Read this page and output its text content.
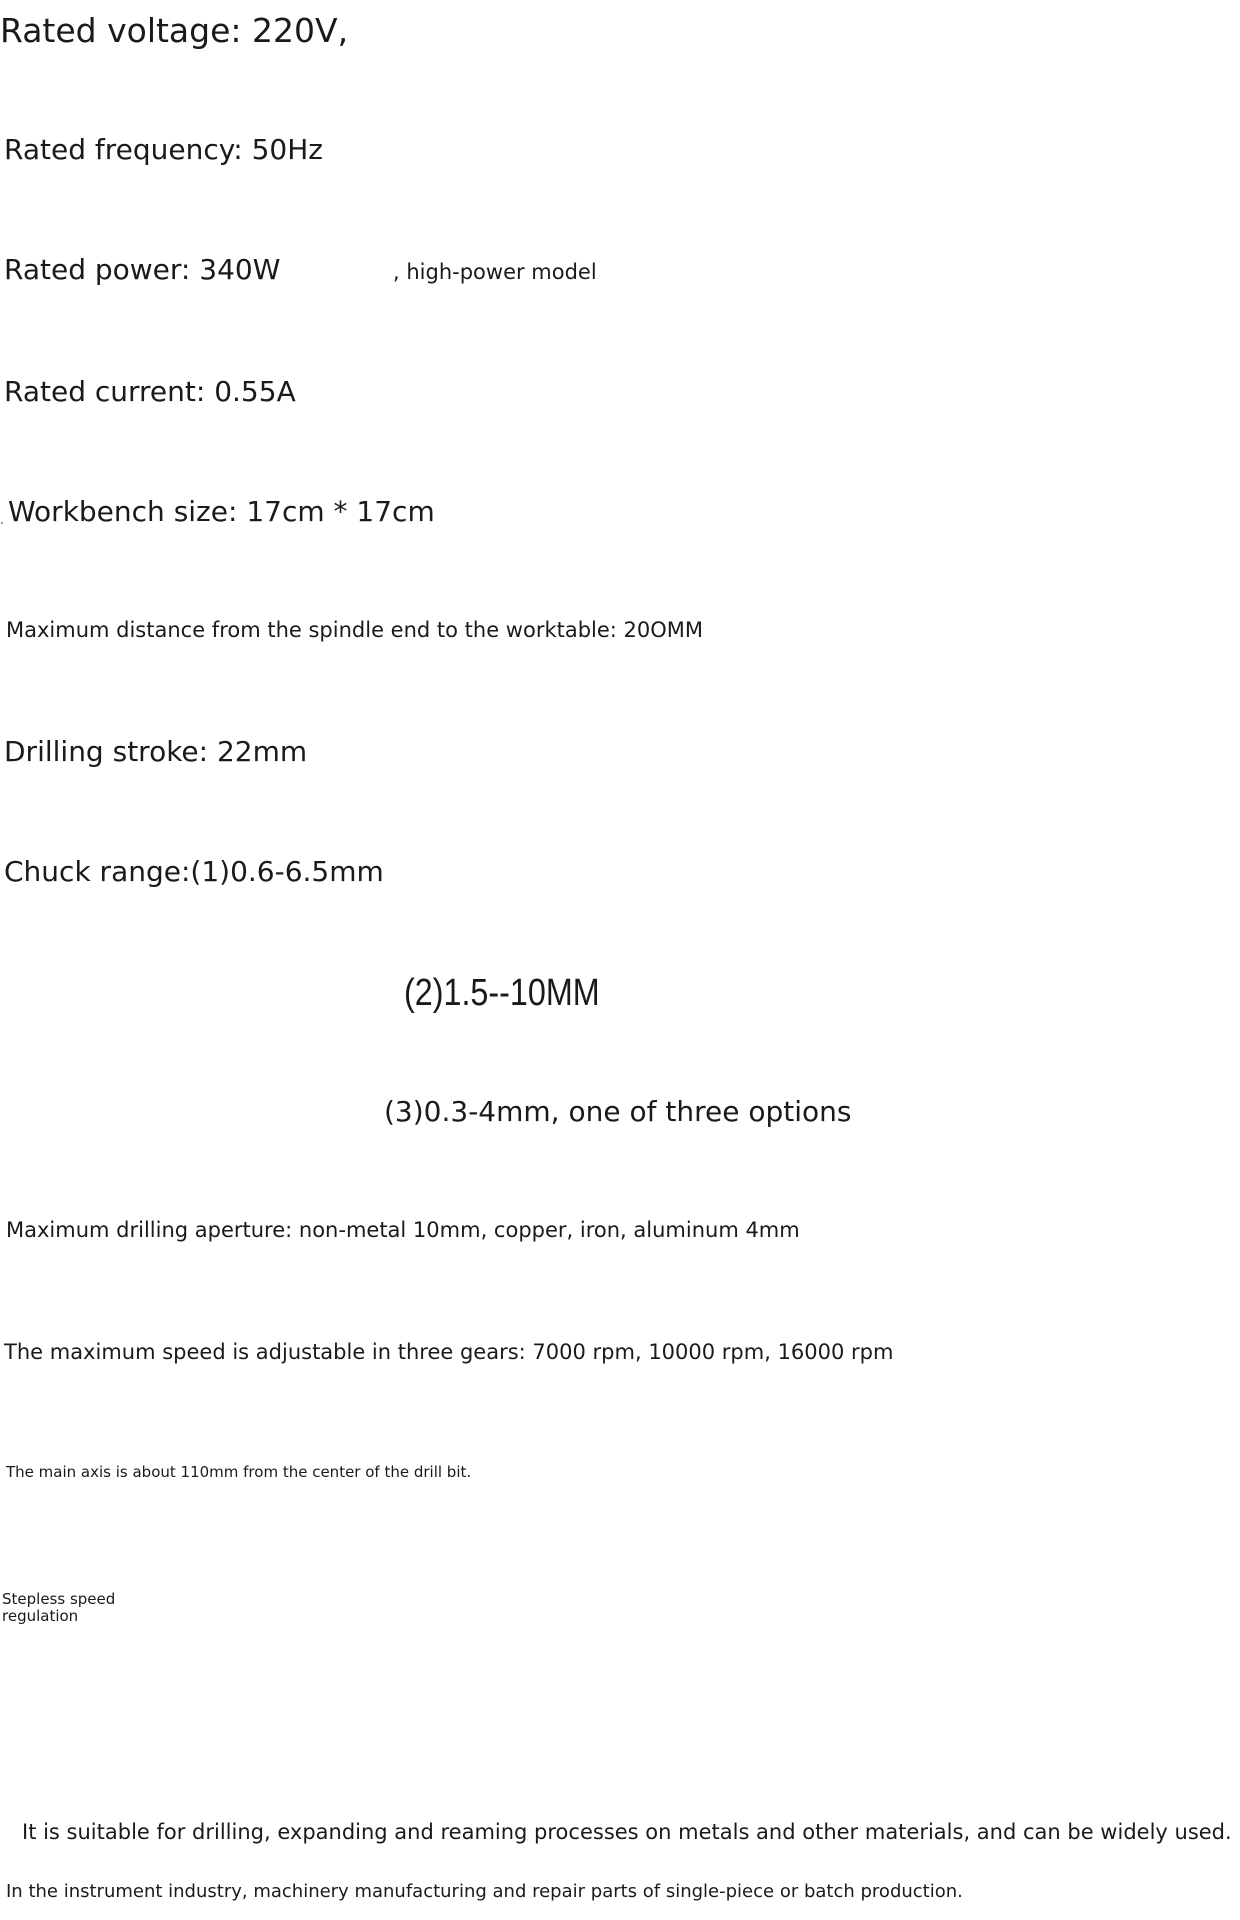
Rated voltage: 220V,

Rated frequency: 50Hz

Rated power: 340W	, high-power model

Rated current: 0.55A

Workbench size: 17cm * 17cm

Maximum distance from the spindle end to the worktable: 20OMM

Drilling stroke: 22mm

Chuck range:(1)0.6-6.5mm

(2)1.5--10MM

(3)0.3-4mm, one of three options

Maximum drilling aperture: non-metal 10mm, copper, iron, aluminum 4mm

The maximum speed is adjustable in three gears: 7000 rpm, 10000 rpm, 16000 rpm

The main axis is about 110mm from the center of the drill bit.

Stepless speed regulation

It is suitable for drilling, expanding and reaming processes on metals and other materials, and can be widely used.

In the instrument industry, machinery manufacturing and repair parts of single-piece or batch production.
